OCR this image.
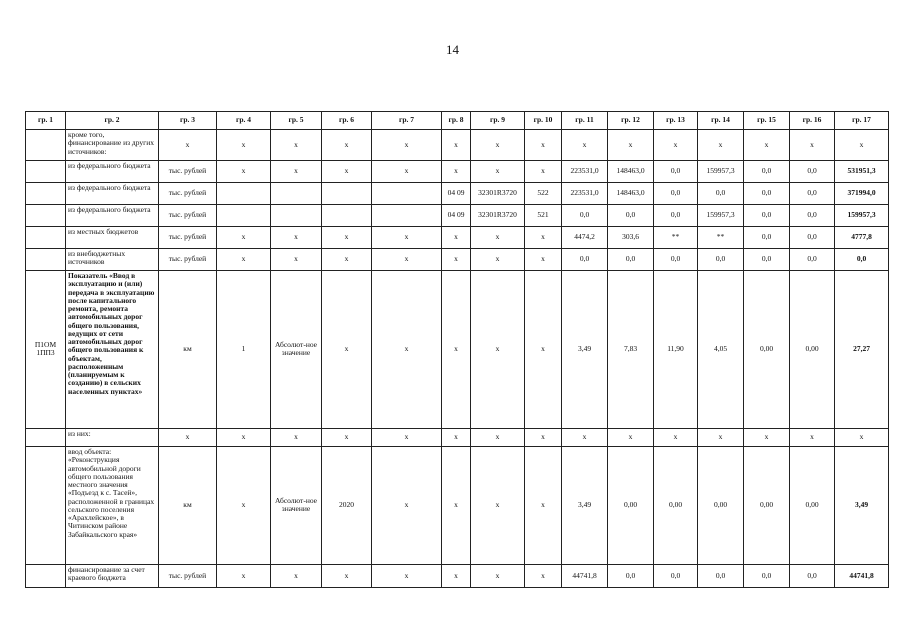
14
гр. 1	гр. 2	гр. 3	гр. 4	гр. 5	гр. 6	гр. 7	гр. 8	гр. 9	гр. 10	гр. 11	гр. 12	гр. 13	гр. 14	гр. 15	гр. 16	гр. 17
	кроме того, финансирование из других источников:	x	x	x	x	x	x	x	x	x	x	x	x	x	x	x
	из федерального бюджета	тыс. рублей	x	x	x	x	x	x	x	223531,0	148463,0	0,0	159957,3	0,0	0,0	531951,3
	из федерального бюджета	тыс. рублей					04 09	32301R3720	522	223531,0	148463,0	0,0	0,0	0,0	0,0	371994,0
	из федерального бюджета	тыс. рублей					04 09	32301R3720	521	0,0	0,0	0,0	159957,3	0,0	0,0	159957,3
	из местных бюджетов	тыс. рублей	x	x	x	x	x	x	x	4474,2	303,6	**	**	0,0	0,0	4777,8
	из внебюджетных источников	тыс. рублей	x	x	x	x	x	x	x	0,0	0,0	0,0	0,0	0,0	0,0	0,0
П1ОМ 1ПП3	Показатель «Ввод в эксплуатацию и (или) передача в эксплуатацию после капитального ремонта, ремонта автомобильных дорог общего пользования, ведущих от сети автомобильных дорог общего пользования к объектам, расположенным (планируемым к созданию) в сельских населенных пунктах»	км	1	Абсолют-ное значение	x	x	x	x	x	3,49	7,83	11,90	4,05	0,00	0,00	27,27
	из них:	x	x	x	x	x	x	x	x	x	x	x	x	x	x	x
	ввод объекта: «Реконструкция автомобильной дороги общего пользования местного значения «Подъезд к с. Тасей», расположенной в границах сельского поселения «Арахлейское», в Читинском районе Забайкальского края»	км	x	Абсолют-ное значение	2020	x	x	x	x	3,49	0,00	0,00	0,00	0,00	0,00	3,49
	финансирование за счет краевого бюджета	тыс. рублей	x	x	x	x	x	x	x	44741,8	0,0	0,0	0,0	0,0	0,0	44741,8
